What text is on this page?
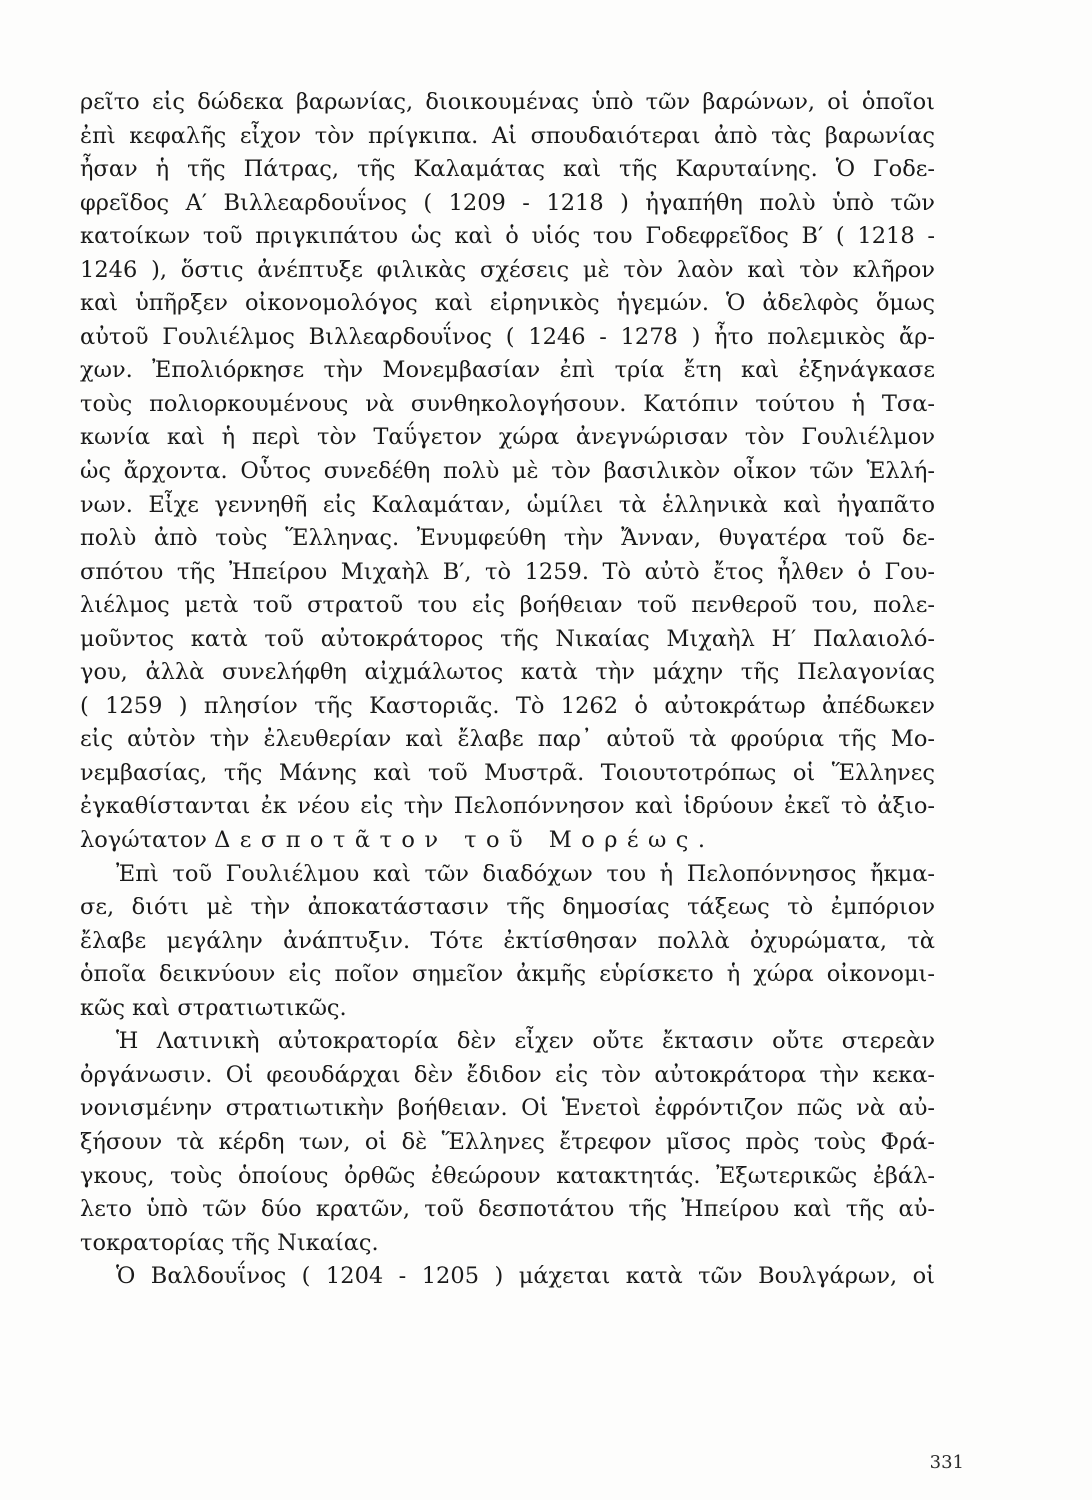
ρεῖτο εἰς δώδεκα βαρωνίας, διοικουμένας ὑπὸ τῶν βαρώνων, οἱ ὁποῖοι
ἐπὶ κεφαλῆς εἶχον τὸν πρίγκιπα. Αἱ σπουδαιότεραι ἀπὸ τὰς βαρωνίας
ἦσαν ἡ τῆς Πάτρας, τῆς Καλαμάτας καὶ τῆς Καρυταίνης. Ὁ Γοδε-
φρεῖδος Α′ Βιλλεαρδουΐνος ( 1209 - 1218 ) ἠγαπήθη πολὺ ὑπὸ τῶν
κατοίκων τοῦ πριγκιπάτου ὡς καὶ ὁ υἱός του Γοδεφρεῖδος Β′ ( 1218 -
1246 ), ὅστις ἀνέπτυξε φιλικὰς σχέσεις μὲ τὸν λαὸν καὶ τὸν κλῆρον
καὶ ὑπῆρξεν οἰκονομολόγος καὶ εἰρηνικὸς ἡγεμών. Ὁ ἀδελφὸς ὅμως
αὐτοῦ Γουλιέλμος Βιλλεαρδουΐνος ( 1246 - 1278 ) ἦτο πολεμικὸς ἄρ-
χων. Ἐπολιόρκησε τὴν Μονεμβασίαν ἐπὶ τρία ἔτη καὶ ἐξηνάγκασε
τοὺς πολιορκουμένους νὰ συνθηκολογήσουν. Κατόπιν τούτου ἡ Τσα-
κωνία καὶ ἡ περὶ τὸν Ταΰγετον χώρα ἀνεγνώρισαν τὸν Γουλιέλμον
ὡς ἄρχοντα. Οὗτος συνεδέθη πολὺ μὲ τὸν βασιλικὸν οἶκον τῶν Ἑλλή-
νων. Εἶχε γεννηθῆ εἰς Καλαμάταν, ὡμίλει τὰ ἑλληνικὰ καὶ ἠγαπᾶτο
πολὺ ἀπὸ τοὺς Ἕλληνας. Ἐνυμφεύθη τὴν Ἄνναν, θυγατέρα τοῦ δε-
σπότου τῆς Ἠπείρου Μιχαὴλ Β′, τὸ 1259. Τὸ αὐτὸ ἔτος ἦλθεν ὁ Γου-
λιέλμος μετὰ τοῦ στρατοῦ του εἰς βοήθειαν τοῦ πενθεροῦ του, πολε-
μοῦντος κατὰ τοῦ αὐτοκράτορος τῆς Νικαίας Μιχαὴλ Η′ Παλαιολό-
γου, ἀλλὰ συνελήφθη αἰχμάλωτος κατὰ τὴν μάχην τῆς Πελαγονίας
( 1259 ) πλησίον τῆς Καστοριᾶς. Τὸ 1262 ὁ αὐτοκράτωρ ἀπέδωκεν
εἰς αὐτὸν τὴν ἐλευθερίαν καὶ ἔλαβε παρ᾽ αὐτοῦ τὰ φρούρια τῆς Μο-
νεμβασίας, τῆς Μάνης καὶ τοῦ Μυστρᾶ. Τοιουτοτρόπως οἱ Ἕλληνες
ἐγκαθίστανται ἐκ νέου εἰς τὴν Πελοπόννησον καὶ ἱδρύουν ἐκεῖ τὸ ἀξιο-
λογώτατον Δεσποτᾶτον τοῦ Μορέως.
Ἐπὶ τοῦ Γουλιέλμου καὶ τῶν διαδόχων του ἡ Πελοπόννησος ἤκμα-
σε, διότι μὲ τὴν ἀποκατάστασιν τῆς δημοσίας τάξεως τὸ ἐμπόριον
ἔλαβε μεγάλην ἀνάπτυξιν. Τότε ἐκτίσθησαν πολλὰ ὀχυρώματα, τὰ
ὁποῖα δεικνύουν εἰς ποῖον σημεῖον ἀκμῆς εὑρίσκετο ἡ χώρα οἰκονομι-
κῶς καὶ στρατιωτικῶς.
Ἡ Λατινικὴ αὐτοκρατορία δὲν εἶχεν οὔτε ἔκτασιν οὔτε στερεὰν
ὀργάνωσιν. Οἱ φεουδάρχαι δὲν ἔδιδον εἰς τὸν αὐτοκράτορα τὴν κεκα-
νονισμένην στρατιωτικὴν βοήθειαν. Οἱ Ἑνετοὶ ἐφρόντιζον πῶς νὰ αὐ-
ξήσουν τὰ κέρδη των, οἱ δὲ Ἕλληνες ἔτρεφον μῖσος πρὸς τοὺς Φρά-
γκους, τοὺς ὁποίους ὀρθῶς ἐθεώρουν κατακτητάς. Ἐξωτερικῶς ἐβάλ-
λετο ὑπὸ τῶν δύο κρατῶν, τοῦ δεσποτάτου τῆς Ἠπείρου καὶ τῆς αὐ-
τοκρατορίας τῆς Νικαίας.
Ὁ Βαλδουΐνος ( 1204 - 1205 ) μάχεται κατὰ τῶν Βουλγάρων, οἱ
331
